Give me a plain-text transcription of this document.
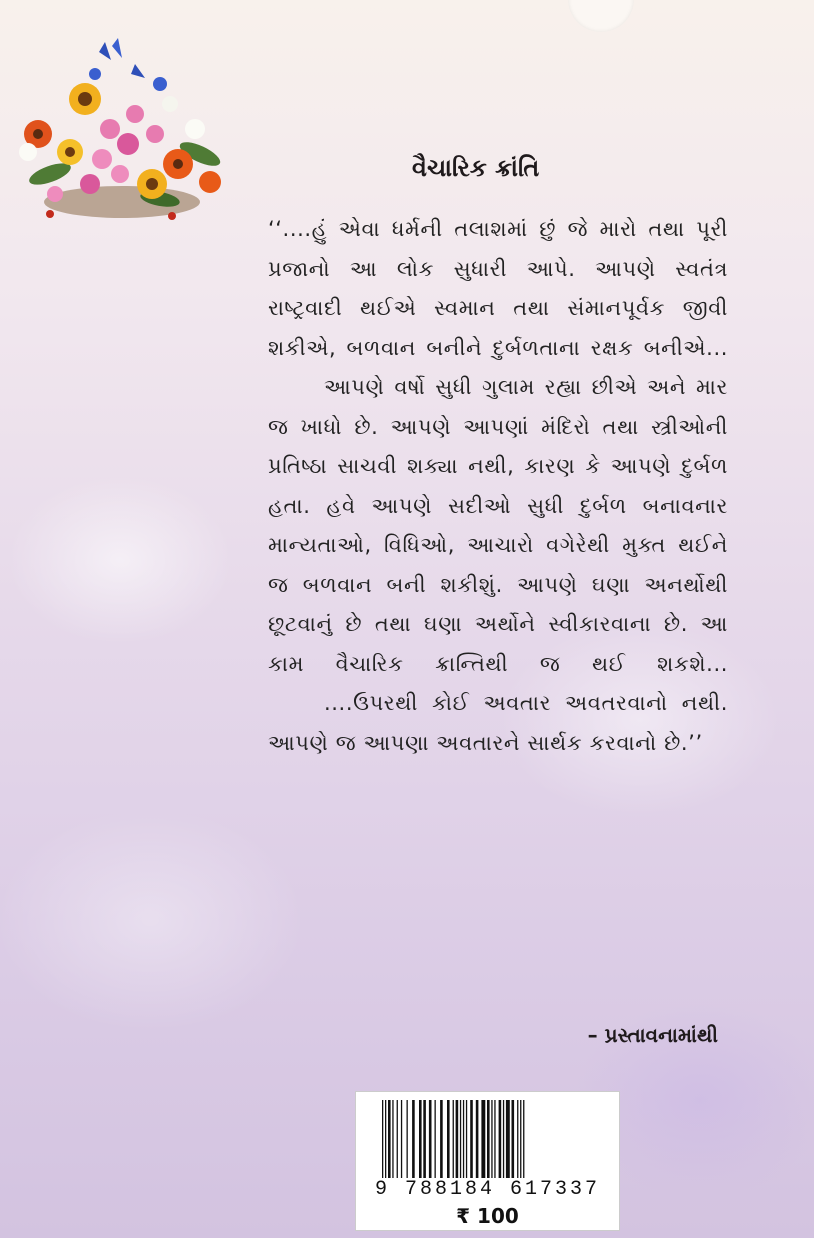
વૈચારિક ક્રાંતિ

‘‘....હું એવા ધર્મની તલાશમાં છું જે મારો તથા પૂરી પ્રજાનો આ લોક સુધારી આપે. આપણે સ્વતંત્ર રાષ્ટ્રવાદી થઈએ સ્વમાન તથા સંમાનપૂર્વક જીવી શકીએ, બળવાન બનીને દુર્બળતાના રક્ષક બનીએ...

આપણે વર્ષો સુધી ગુલામ રહ્યા છીએ અને માર જ ખાધો છે. આપણે આપણાં મંદિરો તથા સ્ત્રીઓની પ્રતિષ્ઠા સાચવી શક્યા નથી, કારણ કે આપણે દુર્બળ હતા. હવે આપણે સદીઓ સુધી દુર્બળ બનાવનાર માન્યતાઓ, વિધિઓ, આચારો વગેરેથી મુક્ત થઈને જ બળવાન બની શકીશું. આપણે ઘણા અનર્થોથી છૂટવાનું છે તથા ઘણા અર્થોને સ્વીકારવાના છે. આ કામ વૈચારિક ક્રાન્તિથી જ થઈ શકશે...

....ઉપરથી કોઈ અવતાર અવતરવાનો નથી. આપણે જ આપણા અવતારને સાર્થક કરવાનો છે.’’

– પ્રસ્તાવનામાંથી
9 788184 617337
₹ 100
